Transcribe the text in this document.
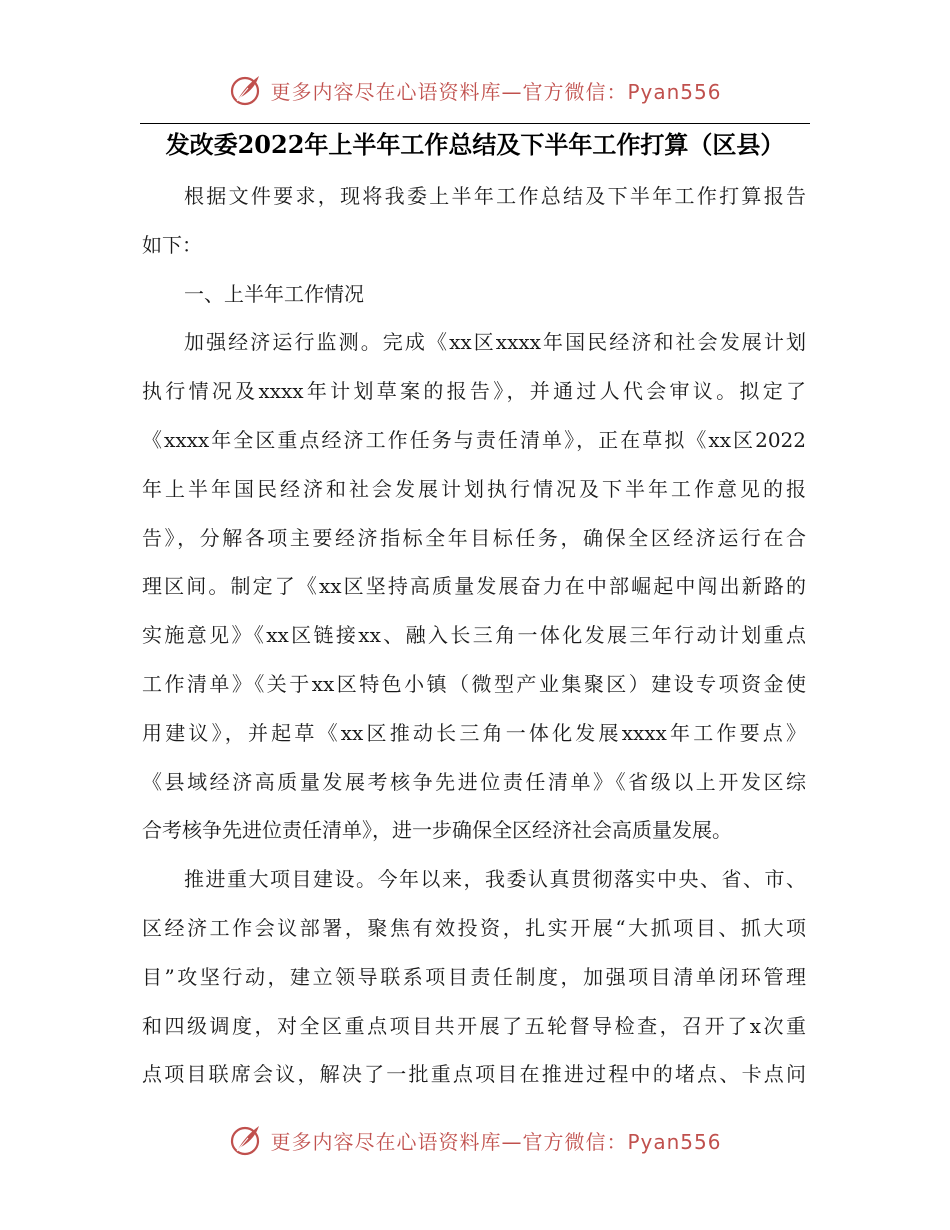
更多内容尽在心语资料库—官方微信：Pyan556
发改委2022年上半年工作总结及下半年工作打算（区县）
根据文件要求，现将我委上半年工作总结及下半年工作打算报告
如下：
一、上半年工作情况
加强经济运行监测。完成《xx区xxxx年国民经济和社会发展计划
执行情况及xxxx年计划草案的报告》，并通过人代会审议。拟定了
《xxxx年全区重点经济工作任务与责任清单》，正在草拟《xx区2022
年上半年国民经济和社会发展计划执行情况及下半年工作意见的报
告》，分解各项主要经济指标全年目标任务，确保全区经济运行在合
理区间。制定了《xx区坚持高质量发展奋力在中部崛起中闯出新路的
实施意见》《xx区链接xx、融入长三角一体化发展三年行动计划重点
工作清单》《关于xx区特色小镇（微型产业集聚区）建设专项资金使
用建议》，并起草《xx区推动长三角一体化发展xxxx年工作要点》
《县域经济高质量发展考核争先进位责任清单》《省级以上开发区综
合考核争先进位责任清单》，进一步确保全区经济社会高质量发展。
推进重大项目建设。今年以来，我委认真贯彻落实中央、省、市、
区经济工作会议部署，聚焦有效投资，扎实开展“大抓项目、抓大项
目”攻坚行动，建立领导联系项目责任制度，加强项目清单闭环管理
和四级调度，对全区重点项目共开展了五轮督导检查，召开了x次重
点项目联席会议，解决了一批重点项目在推进过程中的堵点、卡点问
更多内容尽在心语资料库—官方微信：Pyan556
